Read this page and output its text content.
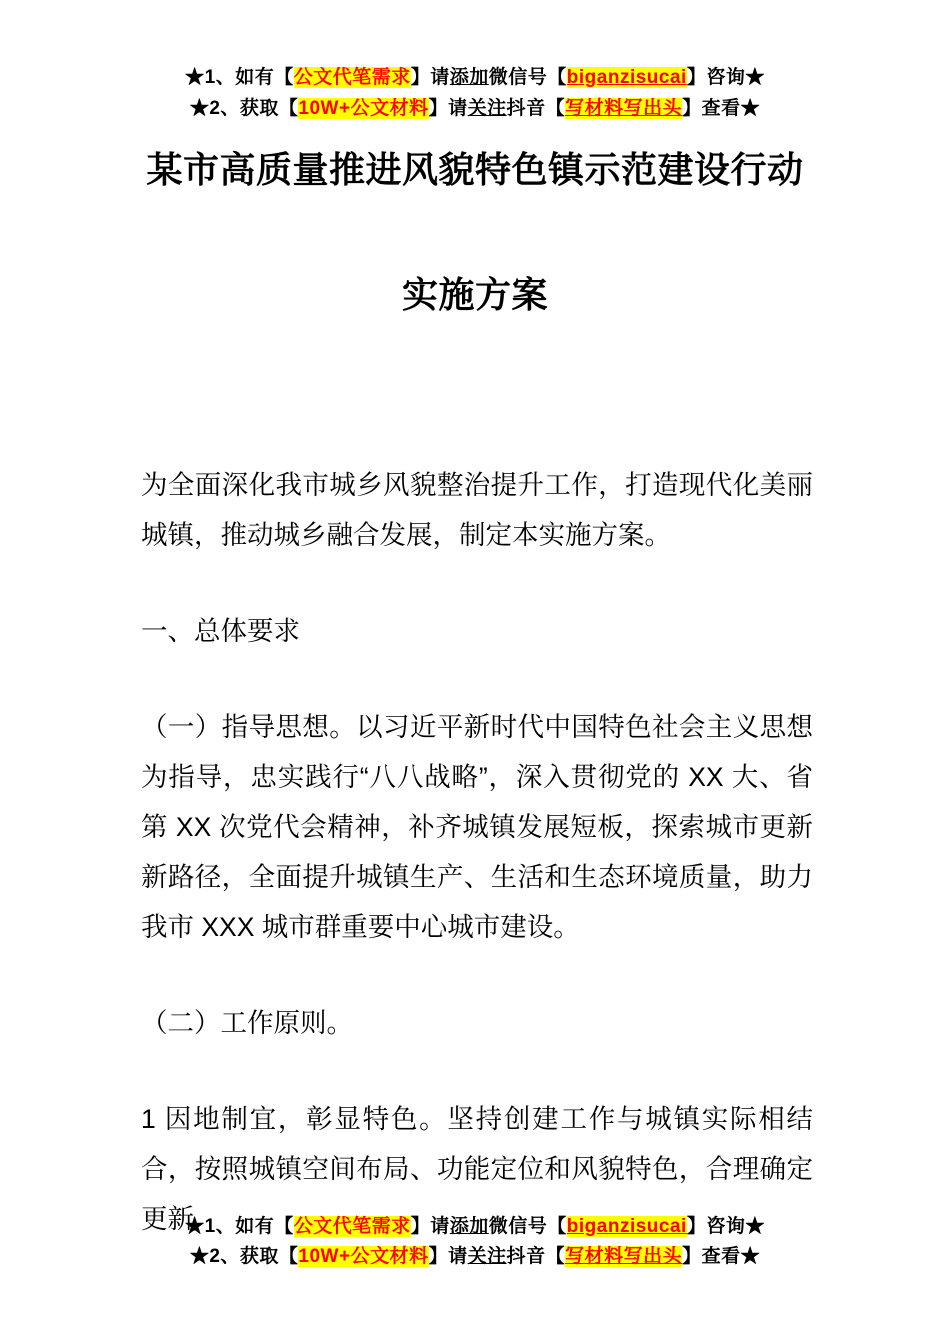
★1、如有【公文代笔需求】请添加微信号【biganzisucai】咨询★
★2、获取【10W+公文材料】请关注抖音【写材料写出头】查看★
某市高质量推进风貌特色镇示范建设行动
实施方案

为全面深化我市城乡风貌整治提升工作，打造现代化美丽城镇，推动城乡融合发展，制定本实施方案。

一、总体要求

（一）指导思想。以习近平新时代中国特色社会主义思想为指导，忠实践行“八八战略”，深入贯彻党的 XX 大、省第 XX 次党代会精神，补齐城镇发展短板，探索城市更新新路径，全面提升城镇生产、生活和生态环境质量，助力我市 XXX 城市群重要中心城市建设。

（二）工作原则。

1 因地制宜，彰显特色。坚持创建工作与城镇实际相结合，按照城镇空间布局、功能定位和风貌特色，合理确定更新

★1、如有【公文代笔需求】请添加微信号【biganzisucai】咨询★
★2、获取【10W+公文材料】请关注抖音【写材料写出头】查看★
